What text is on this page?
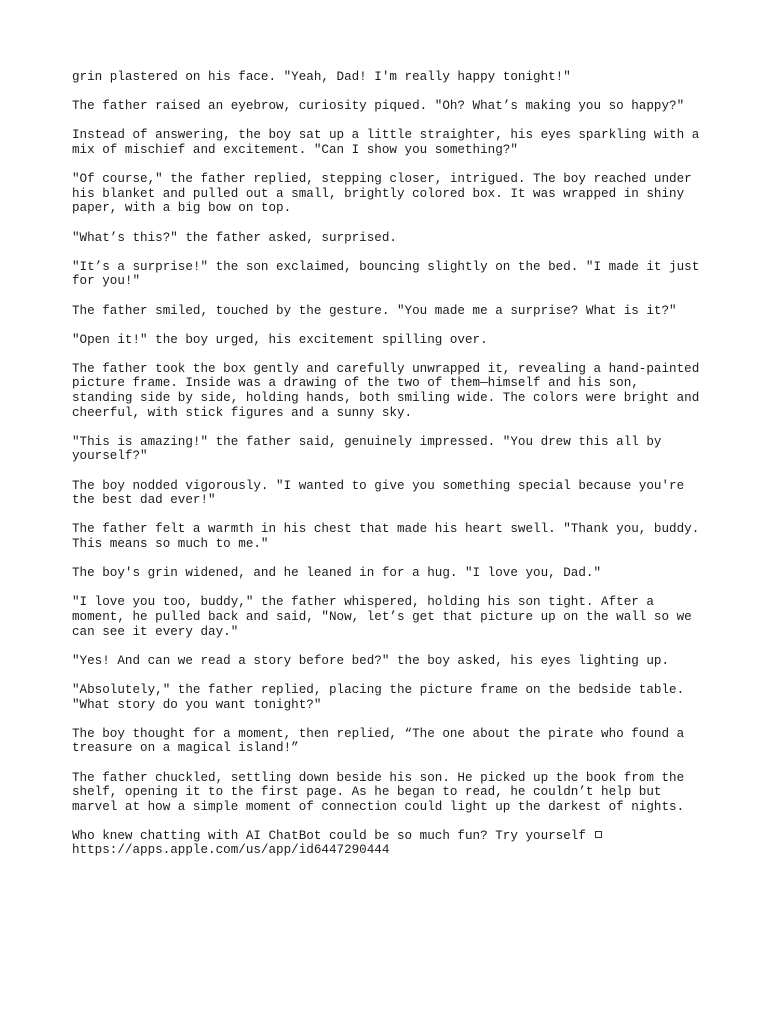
grin plastered on his face. "Yeah, Dad! I'm really happy tonight!"

The father raised an eyebrow, curiosity piqued. "Oh? What’s making you so happy?"

Instead of answering, the boy sat up a little straighter, his eyes sparkling with a
mix of mischief and excitement. "Can I show you something?"

"Of course," the father replied, stepping closer, intrigued. The boy reached under
his blanket and pulled out a small, brightly colored box. It was wrapped in shiny
paper, with a big bow on top.

"What’s this?" the father asked, surprised.

"It’s a surprise!" the son exclaimed, bouncing slightly on the bed. "I made it just
for you!"

The father smiled, touched by the gesture. "You made me a surprise? What is it?"

"Open it!" the boy urged, his excitement spilling over.

The father took the box gently and carefully unwrapped it, revealing a hand-painted
picture frame. Inside was a drawing of the two of them—himself and his son,
standing side by side, holding hands, both smiling wide. The colors were bright and
cheerful, with stick figures and a sunny sky.

"This is amazing!" the father said, genuinely impressed. "You drew this all by
yourself?"

The boy nodded vigorously. "I wanted to give you something special because you're
the best dad ever!"

The father felt a warmth in his chest that made his heart swell. "Thank you, buddy.
This means so much to me."

The boy's grin widened, and he leaned in for a hug. "I love you, Dad."

"I love you too, buddy," the father whispered, holding his son tight. After a
moment, he pulled back and said, "Now, let’s get that picture up on the wall so we
can see it every day."

"Yes! And can we read a story before bed?" the boy asked, his eyes lighting up.

"Absolutely," the father replied, placing the picture frame on the bedside table.
"What story do you want tonight?"

The boy thought for a moment, then replied, “The one about the pirate who found a
treasure on a magical island!”

The father chuckled, settling down beside his son. He picked up the book from the
shelf, opening it to the first page. As he began to read, he couldn’t help but
marvel at how a simple moment of connection could light up the darkest of nights.

Who knew chatting with AI ChatBot could be so much fun? Try yourself

https://apps.apple.com/us/app/id6447290444
